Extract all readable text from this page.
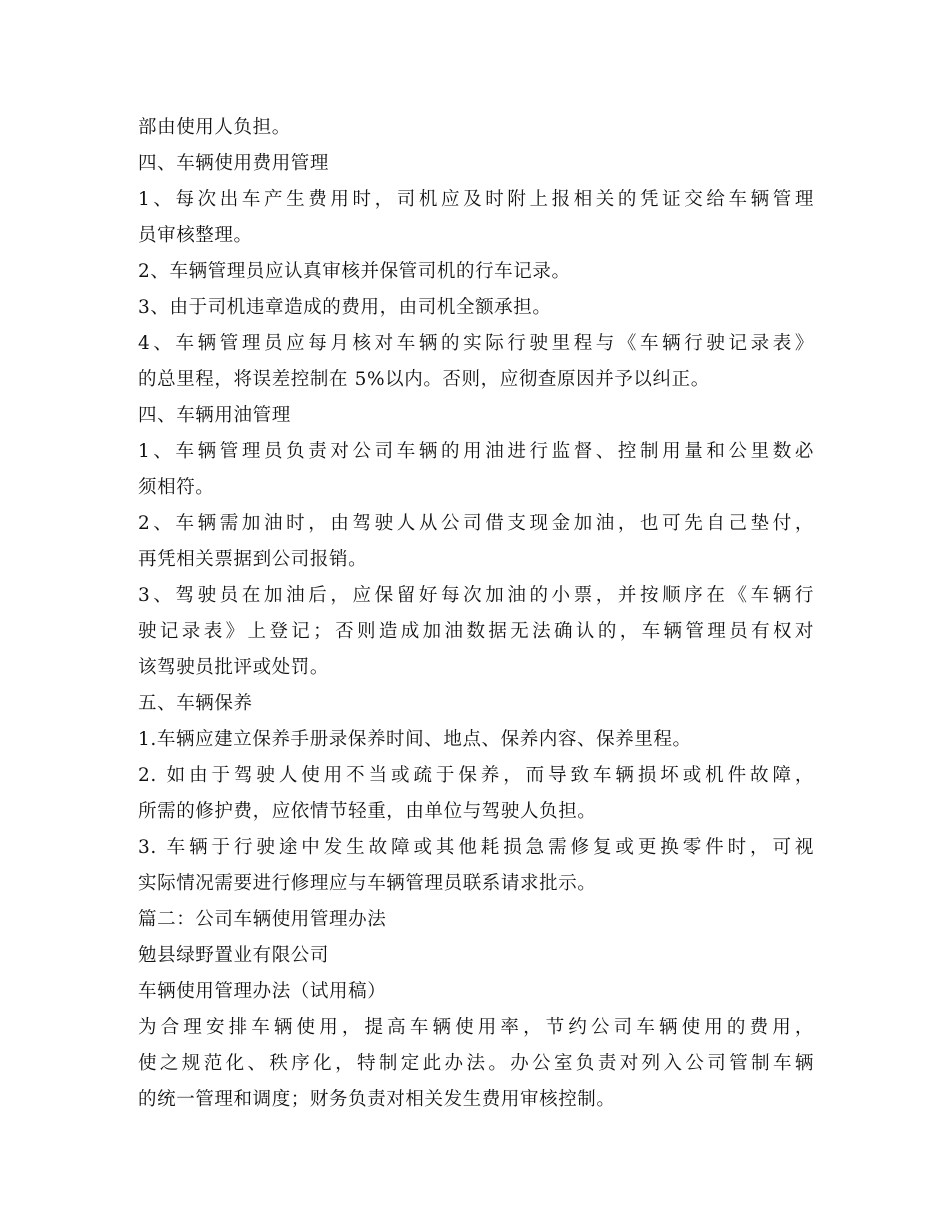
部由使用人负担。
四、车辆使用费用管理
1、每次出车产生费用时，司机应及时附上报相关的凭证交给车辆管理
员审核整理。
2、车辆管理员应认真审核并保管司机的行车记录。
3、由于司机违章造成的费用，由司机全额承担。
4、车辆管理员应每月核对车辆的实际行驶里程与《车辆行驶记录表》
的总里程，将误差控制在 5%以内。否则，应彻查原因并予以纠正。
四、车辆用油管理
1、车辆管理员负责对公司车辆的用油进行监督、控制用量和公里数必
须相符。
2、车辆需加油时，由驾驶人从公司借支现金加油，也可先自己垫付，
再凭相关票据到公司报销。
3、驾驶员在加油后，应保留好每次加油的小票，并按顺序在《车辆行
驶记录表》上登记；否则造成加油数据无法确认的，车辆管理员有权对
该驾驶员批评或处罚。
五、车辆保养
1.车辆应建立保养手册录保养时间、地点、保养内容、保养里程。
2. 如由于驾驶人使用不当或疏于保养，而导致车辆损坏或机件故障，
所需的修护费，应依情节轻重，由单位与驾驶人负担。
3. 车辆于行驶途中发生故障或其他耗损急需修复或更换零件时，可视
实际情况需要进行修理应与车辆管理员联系请求批示。
篇二：公司车辆使用管理办法
勉县绿野置业有限公司
车辆使用管理办法（试用稿）
为合理安排车辆使用，提高车辆使用率，节约公司车辆使用的费用，
使之规范化、秩序化，特制定此办法。办公室负责对列入公司管制车辆
的统一管理和调度；财务负责对相关发生费用审核控制。
